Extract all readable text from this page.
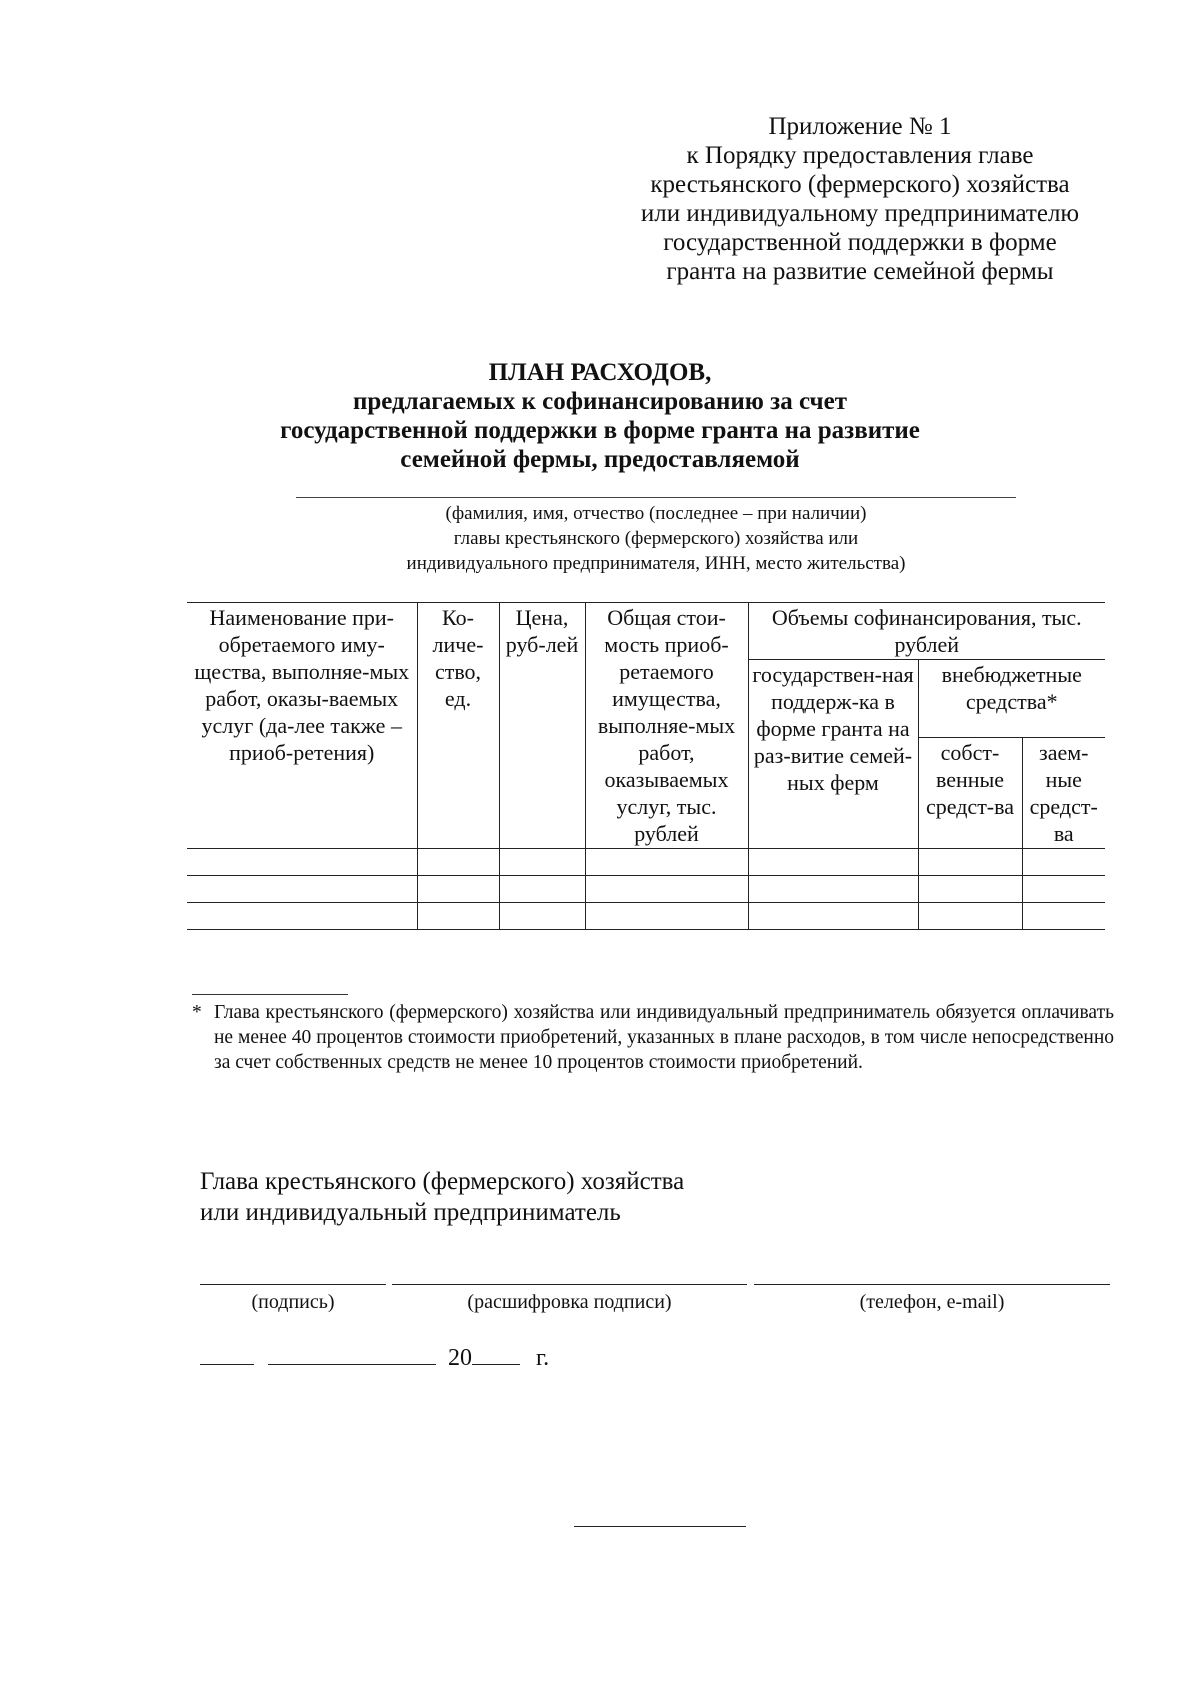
Приложение № 1
к Порядку предоставления главе
крестьянского (фермерского) хозяйства
или индивидуальному предпринимателю
государственной поддержки в форме
гранта на развитие семейной фермы
ПЛАН РАСХОДОВ,
предлагаемых к софинансированию за счет
государственной поддержки в форме гранта на развитие
семейной фермы, предоставляемой
(фамилия, имя, отчество (последнее – при наличии)
главы крестьянского (фермерского) хозяйства или
индивидуального предпринимателя, ИНН, место жительства)
Наименование при-обретаемого иму-щества, выполняе-мых работ, оказы-ваемых услуг (да-лее также – приоб-ретения)	Ко-личе-ство, ед.	Цена, руб-лей	Общая стои-мость приоб-ретаемого имущества, выполняе-мых работ, оказываемых услуг, тыс. рублей	Объемы софинансирования, тыс. рублей		
				государствен-ная поддерж-ка в форме гранта на раз-витие семей-ных ферм	внебюджетные средства*	
					собст-венные средст-ва	заем-ные средст-ва

* Глава крестьянского (фермерского) хозяйства или индивидуальный предприниматель обязуется оплачивать не менее 40 процентов стоимости приобретений, указанных в плане расходов, в том числе непосредственно за счет собственных средств не менее 10 процентов стоимости приобретений.
Глава крестьянского (фермерского) хозяйства
или индивидуальный предприниматель
(подпись)	(расшифровка подписи)	(телефон, e-mail)
20	г.
